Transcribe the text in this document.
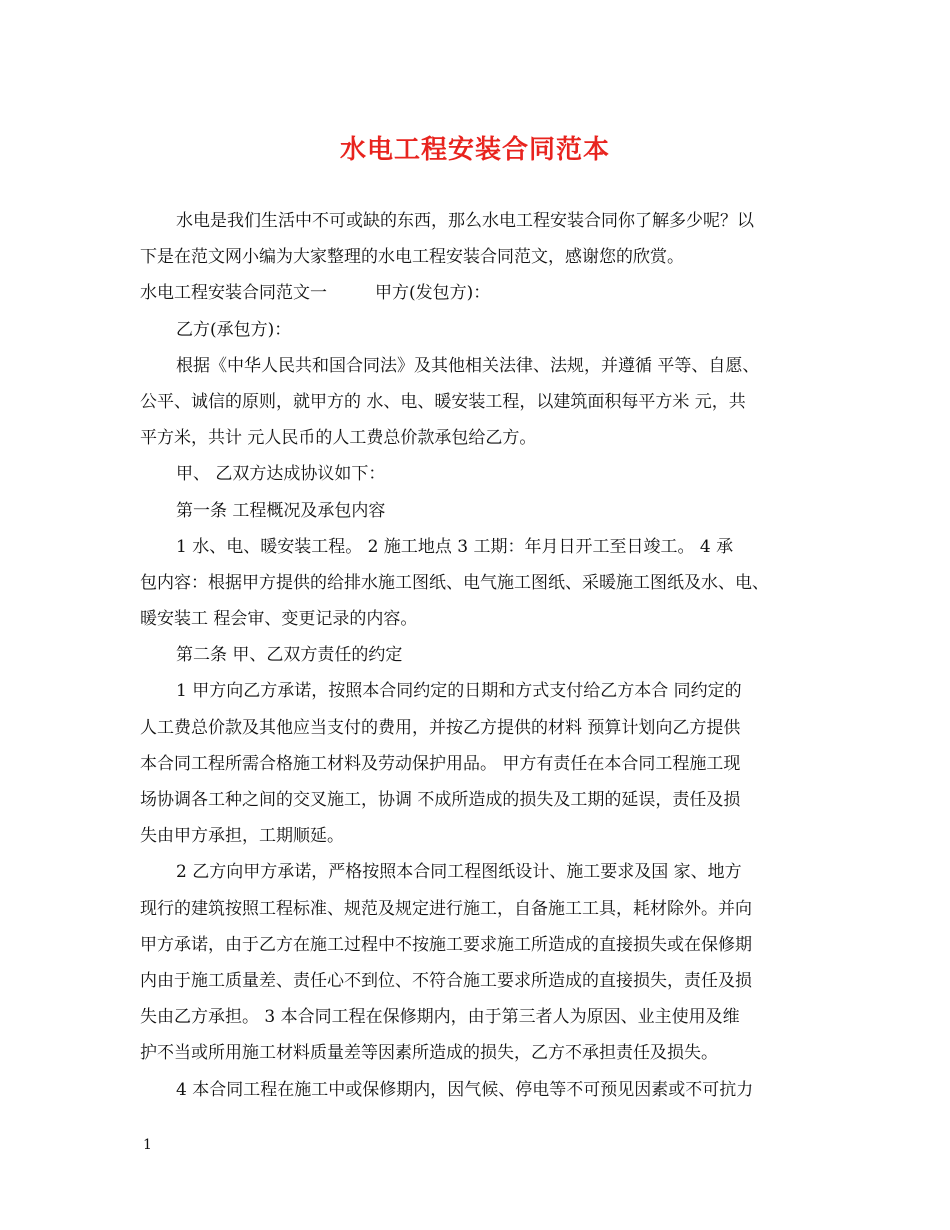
水电工程安装合同范本
水电是我们生活中不可或缺的东西，那么水电工程安装合同你了解多少呢？以
下是在范文网小编为大家整理的水电工程安装合同范文，感谢您的欣赏。
水电工程安装合同范文一	甲方(发包方)：
乙方(承包方)：
根据《中华人民共和国合同法》及其他相关法律、法规，并遵循 平等、自愿、
公平、诚信的原则，就甲方的 水、电、暖安装工程，以建筑面积每平方米 元，共
平方米，共计 元人民币的人工费总价款承包给乙方。
甲、 乙双方达成协议如下：
第一条 工程概况及承包内容
1 水、电、暖安装工程。 2 施工地点 3 工期：年月日开工至日竣工。 4 承
包内容：根据甲方提供的给排水施工图纸、电气施工图纸、采暖施工图纸及水、电、
暖安装工 程会审、变更记录的内容。
第二条 甲、乙双方责任的约定
1 甲方向乙方承诺，按照本合同约定的日期和方式支付给乙方本合 同约定的
人工费总价款及其他应当支付的费用，并按乙方提供的材料 预算计划向乙方提供
本合同工程所需合格施工材料及劳动保护用品。 甲方有责任在本合同工程施工现
场协调各工种之间的交叉施工，协调 不成所造成的损失及工期的延误，责任及损
失由甲方承担，工期顺延。
2 乙方向甲方承诺，严格按照本合同工程图纸设计、施工要求及国 家、地方
现行的建筑按照工程标准、规范及规定进行施工，自备施工工具，耗材除外。并向
甲方承诺，由于乙方在施工过程中不按施工要求施工所造成的直接损失或在保修期
内由于施工质量差、责任心不到位、不符合施工要求所造成的直接损失，责任及损
失由乙方承担。 3 本合同工程在保修期内，由于第三者人为原因、业主使用及维
护不当或所用施工材料质量差等因素所造成的损失，乙方不承担责任及损失。
4 本合同工程在施工中或保修期内，因气候、停电等不可预见因素或不可抗力
1
